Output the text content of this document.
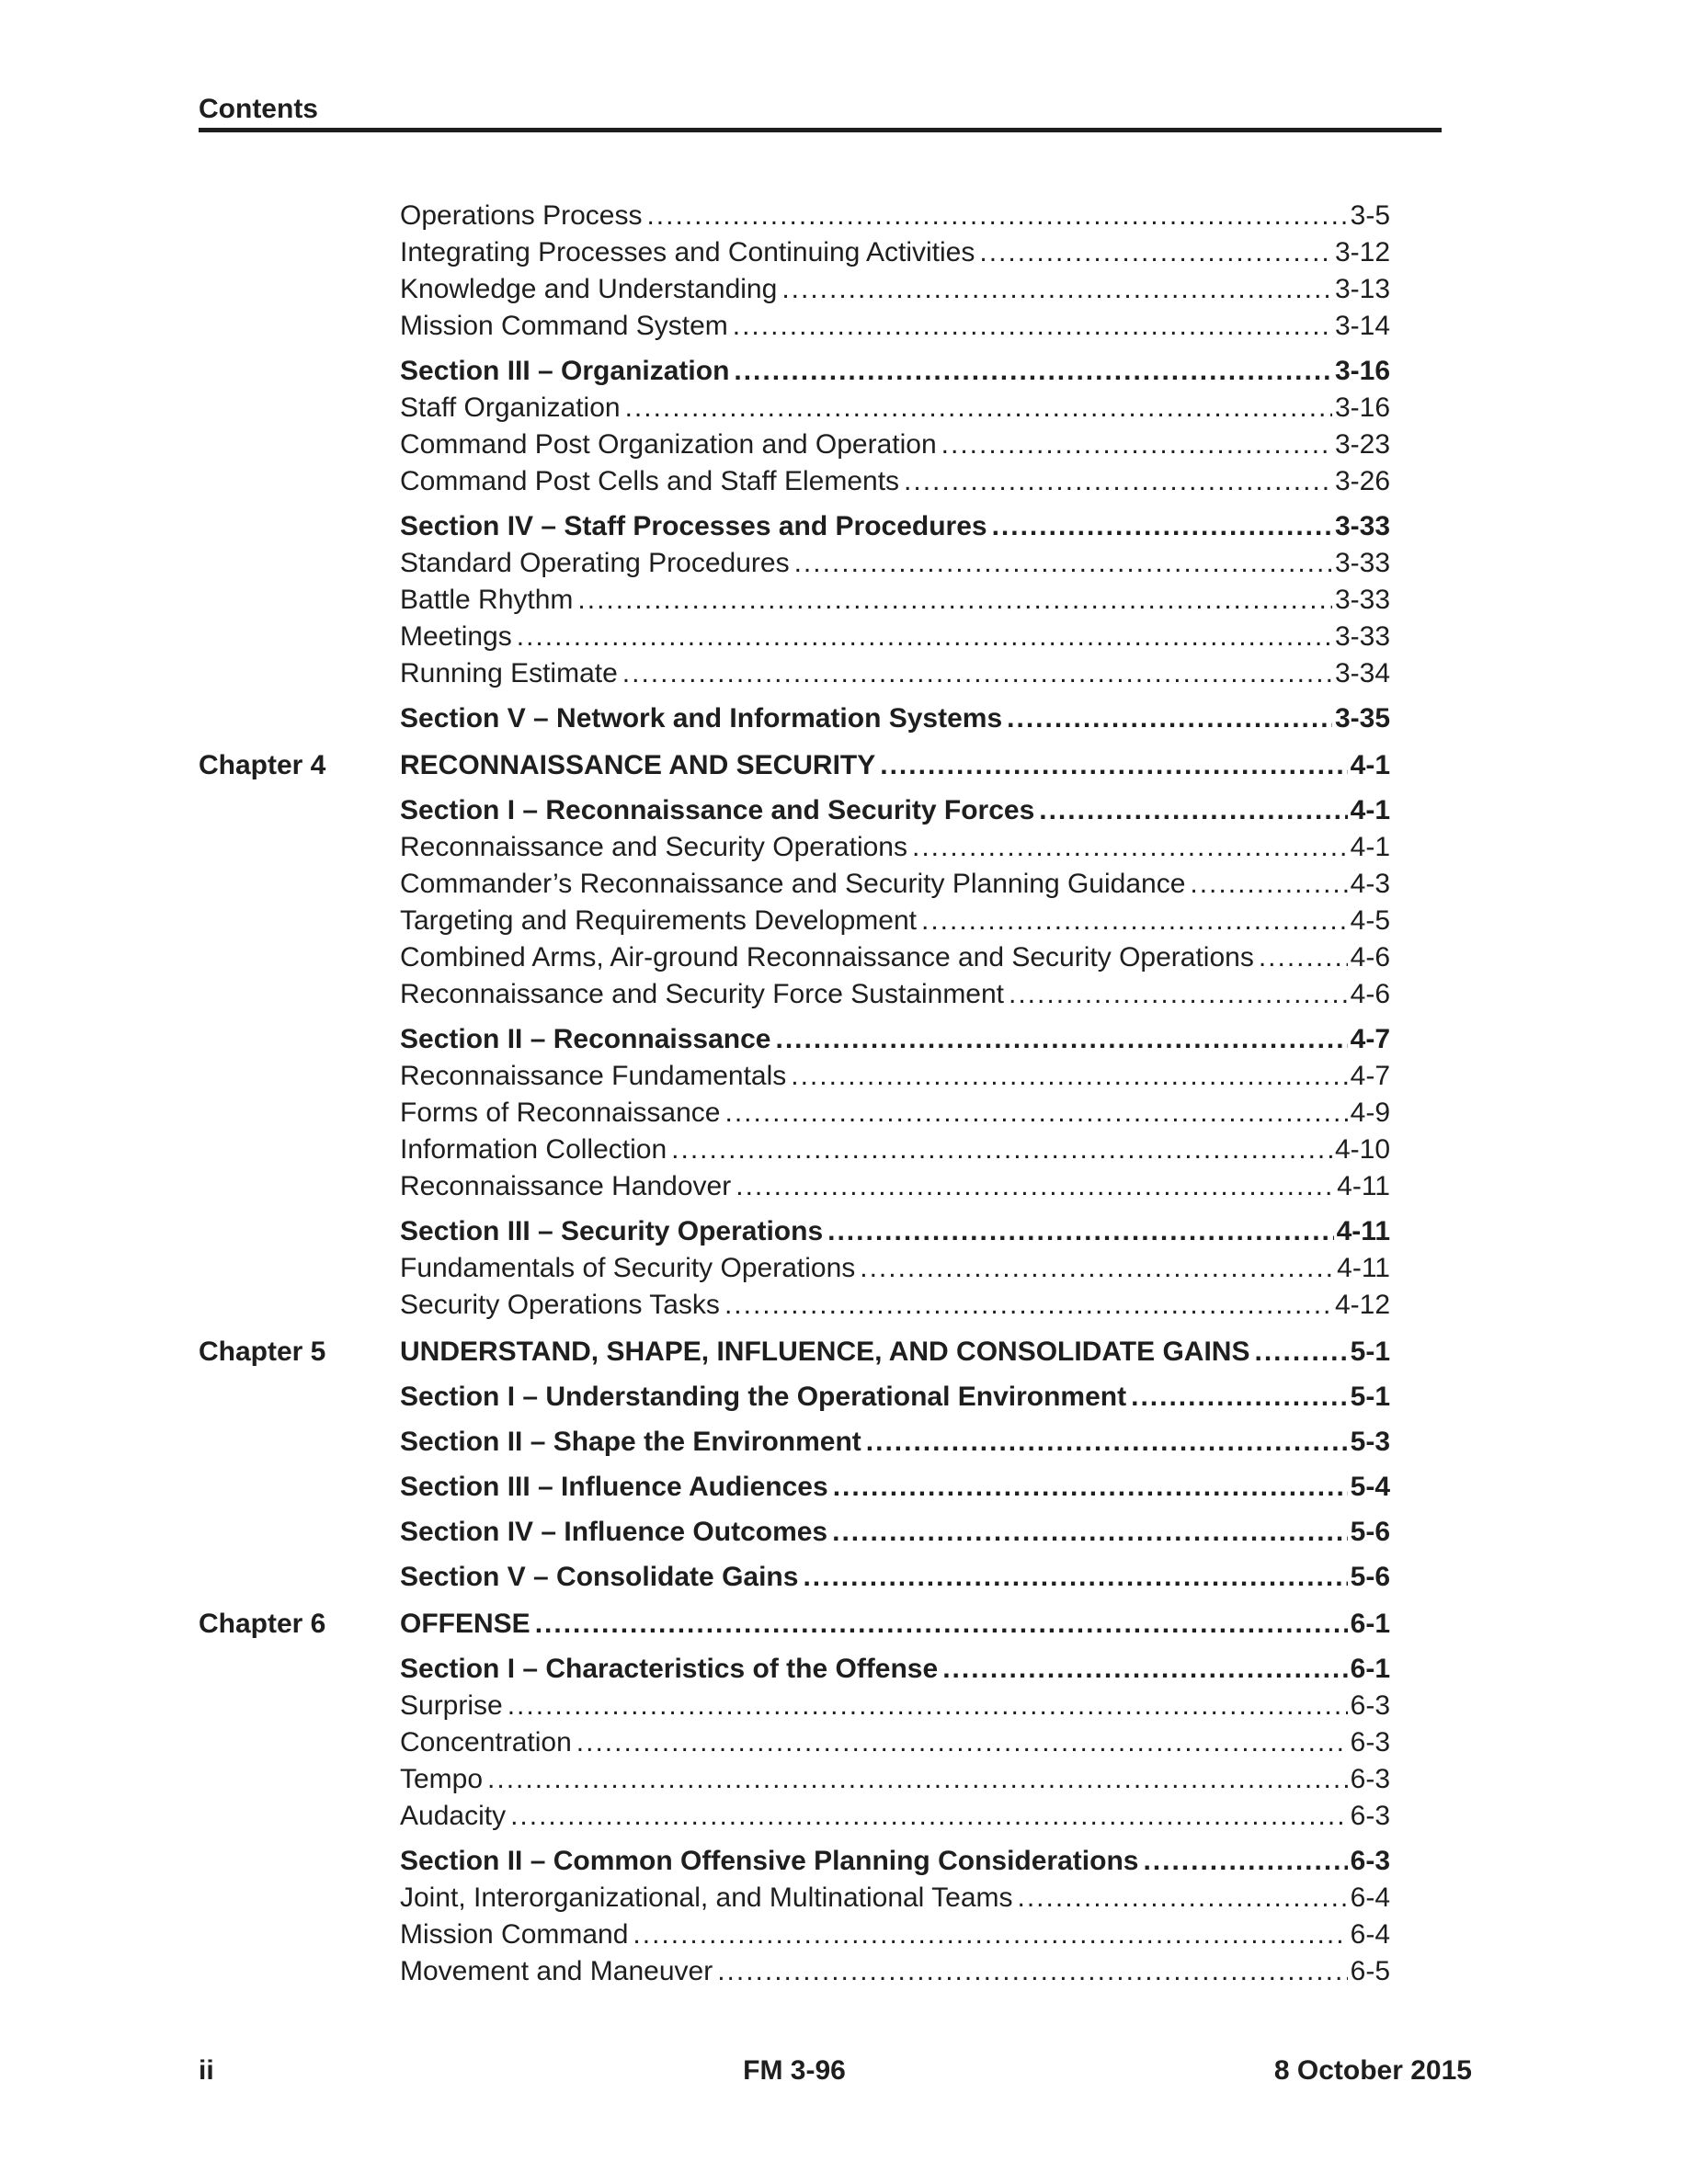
Contents
Operations Process .....	3-5
Integrating Processes and Continuing Activities .....	3-12
Knowledge and Understanding .....	3-13
Mission Command System .....	3-14
Section III – Organization .....	3-16
Staff Organization .....	3-16
Command Post Organization and Operation .....	3-23
Command Post Cells and Staff Elements .....	3-26
Section IV – Staff Processes and Procedures .....	3-33
Standard Operating Procedures .....	3-33
Battle Rhythm .....	3-33
Meetings .....	3-33
Running Estimate .....	3-34
Section V – Network and Information Systems .....	3-35
Chapter 4	RECONNAISSANCE AND SECURITY .....	4-1
Section I – Reconnaissance and Security Forces .....	4-1
Reconnaissance and Security Operations .....	4-1
Commander’s Reconnaissance and Security Planning Guidance .....	4-3
Targeting and Requirements Development .....	4-5
Combined Arms, Air-ground Reconnaissance and Security Operations .....	4-6
Reconnaissance and Security Force Sustainment .....	4-6
Section II – Reconnaissance .....	4-7
Reconnaissance Fundamentals .....	4-7
Forms of Reconnaissance .....	4-9
Information Collection .....	4-10
Reconnaissance Handover .....	4-11
Section III – Security Operations .....	4-11
Fundamentals of Security Operations .....	4-11
Security Operations Tasks .....	4-12
Chapter 5	UNDERSTAND, SHAPE, INFLUENCE, AND CONSOLIDATE GAINS .....	5-1
Section I – Understanding the Operational Environment .....	5-1
Section II – Shape the Environment .....	5-3
Section III – Influence Audiences .....	5-4
Section IV – Influence Outcomes .....	5-6
Section V – Consolidate Gains .....	5-6
Chapter 6	OFFENSE .....	6-1
Section I – Characteristics of the Offense .....	6-1
Surprise .....	6-3
Concentration .....	6-3
Tempo .....	6-3
Audacity .....	6-3
Section II – Common Offensive Planning Considerations .....	6-3
Joint, Interorganizational, and Multinational Teams .....	6-4
Mission Command .....	6-4
Movement and Maneuver .....	6-5
ii	FM 3-96	8 October 2015
